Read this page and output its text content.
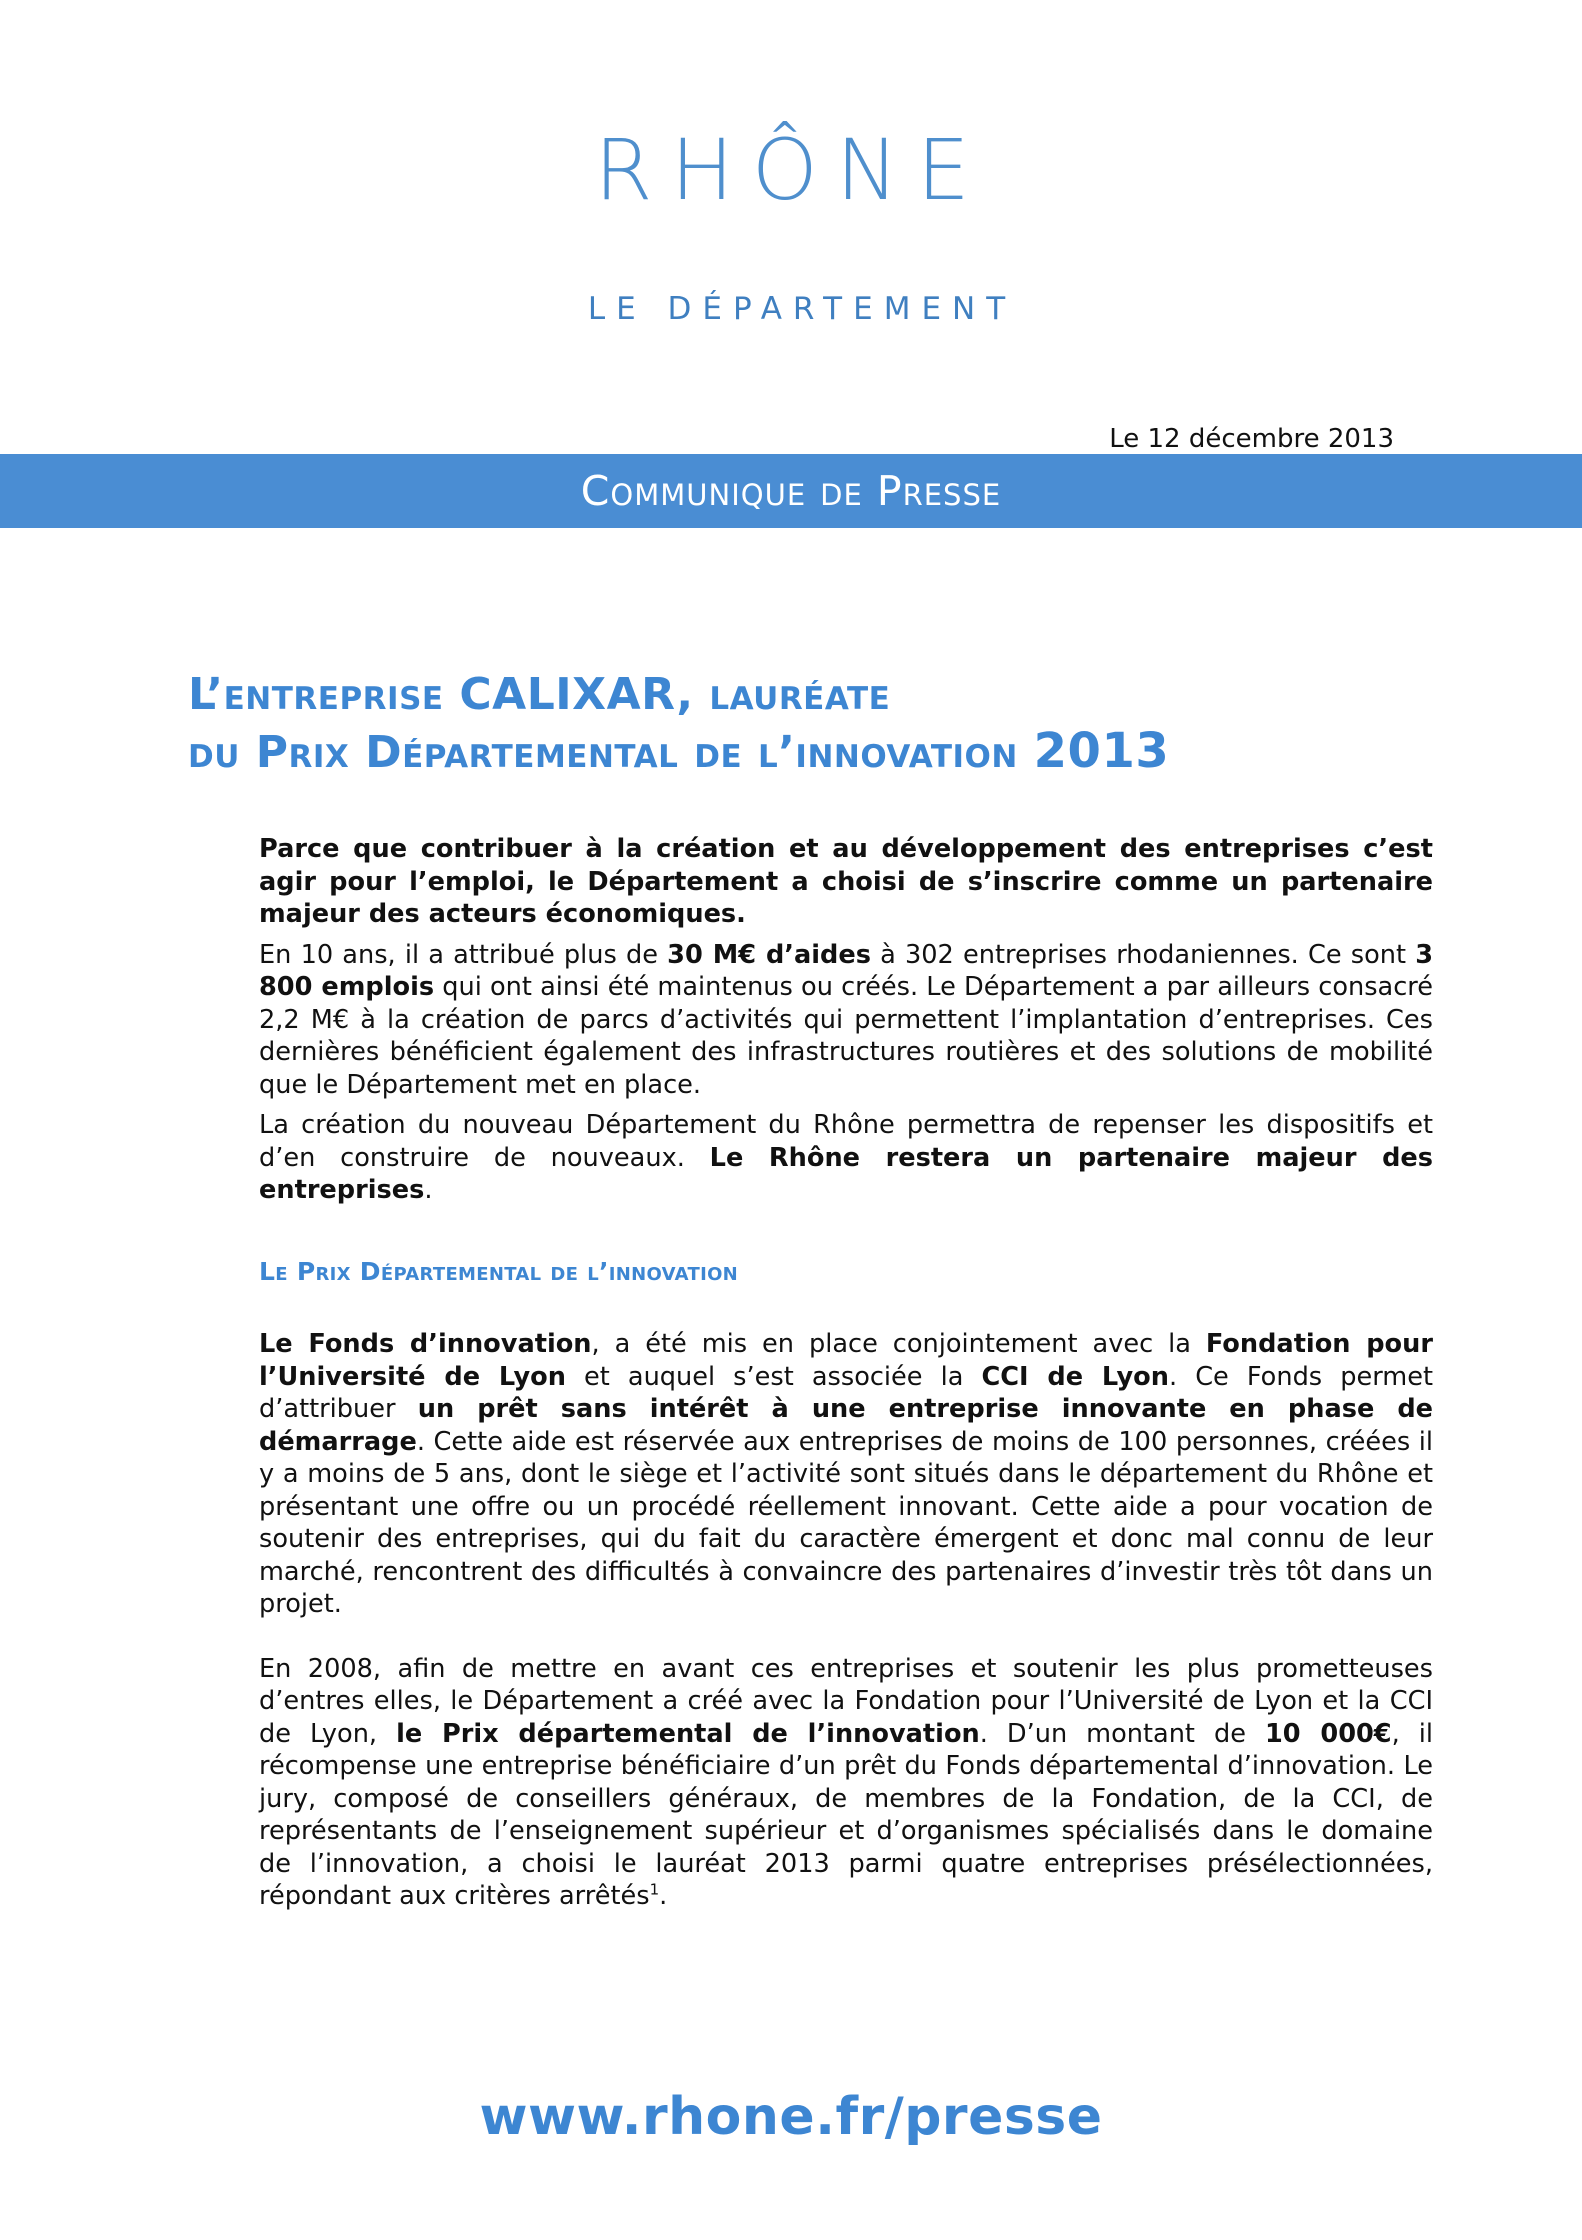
RHÔNE
LE DÉPARTEMENT
Le 12 décembre 2013
Communique de Presse
L’entreprise CALIXAR, lauréate
du Prix Départemental de l’innovation 2013

Parce que contribuer à la création et au développement des entreprises c’est agir pour l’emploi, le Département a choisi de s’inscrire comme un partenaire majeur des acteurs économiques.

En 10 ans, il a attribué plus de 30 M€ d’aides à 302 entreprises rhodaniennes. Ce sont 3 800 emplois qui ont ainsi été maintenus ou créés. Le Département a par ailleurs consacré 2,2 M€ à la création de parcs d’activités qui permettent l’implantation d’entreprises. Ces dernières bénéficient également des infrastructures routières et des solutions de mobilité que le Département met en place.

La création du nouveau Département du Rhône permettra de repenser les dispositifs et d’en construire de nouveaux. Le Rhône restera un partenaire majeur des entreprises.

Le Prix Départemental de l’innovation

Le Fonds d’innovation, a été mis en place conjointement avec la Fondation pour l’Université de Lyon et auquel s’est associée la CCI de Lyon. Ce Fonds permet d’attribuer un prêt sans intérêt à une entreprise innovante en phase de démarrage. Cette aide est réservée aux entreprises de moins de 100 personnes, créées il y a moins de 5 ans, dont le siège et l’activité sont situés dans le département du Rhône et présentant une offre ou un procédé réellement innovant. Cette aide a pour vocation de soutenir des entreprises, qui du fait du caractère émergent et donc mal connu de leur marché, rencontrent des difficultés à convaincre des partenaires d’investir très tôt dans un projet.

En 2008, afin de mettre en avant ces entreprises et soutenir les plus prometteuses d’entres elles, le Département a créé avec la Fondation pour l’Université de Lyon et la CCI de Lyon, le Prix départemental de l’innovation. D’un montant de 10 000€, il récompense une entreprise bénéficiaire d’un prêt du Fonds départemental d’innovation. Le jury, composé de conseillers généraux, de membres de la Fondation, de la CCI, de représentants de l’enseignement supérieur et d’organismes spécialisés dans le domaine de l’innovation, a choisi le lauréat 2013 parmi quatre entreprises présélectionnées, répondant aux critères arrêtés$^1$.

www.rhone.fr/presse
